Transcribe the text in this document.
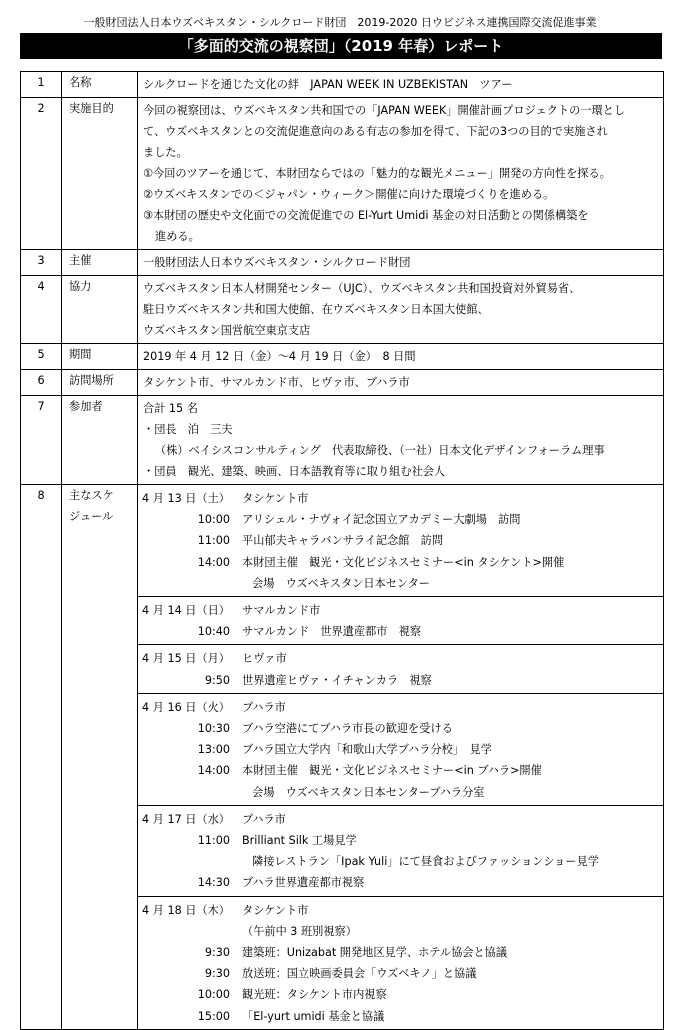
一般財団法人日本ウズベキスタン・シルクロード財団　2019-2020 日ウビジネス連携国際交流促進事業
「多面的交流の視察団」（2019 年春）レポート
1	名称	シルクロードを通じた文化の絆　JAPAN WEEK IN UZBEKISTAN　ツアー

2	実施目的	今回の視察団は、ウズベキスタン共和国での「JAPAN WEEK」開催計画プロジェクトの一環とし
て、ウズベキスタンとの交流促進意向のある有志の参加を得て、下記の3つの目的で実施され
ました。
①今回のツアーを通じて、本財団ならではの「魅力的な観光メニュー」開発の方向性を探る。
②ウズベキスタンでの＜ジャパン・ウィーク＞開催に向けた環境づくりを進める。
③本財団の歴史や文化面での交流促進での El-Yurt Umidi 基金の対日活動との関係構築を
進める。

3	主催	一般財団法人日本ウズベキスタン・シルクロード財団

4	協力	ウズベキスタン日本人材開発センター（UJC）、ウズベキスタン共和国投資対外貿易省、
駐日ウズベキスタン共和国大使館、在ウズベキスタン日本国大使館、
ウズベキスタン国営航空東京支店

5	期間	2019 年 4 月 12 日（金）～4 月 19 日（金）　8 日間

6	訪問場所	タシケント市、サマルカンド市、ヒヴァ市、ブハラ市

7	参加者	合計 15 名
・団長　泊　三夫
（株）ベイシスコンサルティング　代表取締役、（一社）日本文化デザインフォーラム理事
・団員　観光、建築、映画、日本語教育等に取り組む社会人

8	主なスケ
ジュール

4 月 13 日（土）	タシケント市
10:00	アリシェル・ナヴォイ記念国立アカデミー大劇場　訪問
11:00	平山郁夫キャラバンサライ記念館　訪問
14:00	本財団主催　観光・文化ビジネスセミナー<in タシケント>開催
会場　ウズベキスタン日本センター

4 月 14 日（日）	サマルカンド市
10:40	サマルカンド　世界遺産都市　視察

4 月 15 日（月）	ヒヴァ市
9:50	世界遺産ヒヴァ・イチャンカラ　視察

4 月 16 日（火）	ブハラ市
10:30	ブハラ空港にてブハラ市長の歓迎を受ける
13:00	ブハラ国立大学内「和歌山大学ブハラ分校」　見学
14:00	本財団主催　観光・文化ビジネスセミナー<in ブハラ>開催
会場　ウズベキスタン日本センターブハラ分室

4 月 17 日（水）	ブハラ市
11:00	Brilliant Silk 工場見学
隣接レストラン「Ipak Yuli」にて昼食およびファッションショー見学
14:30	ブハラ世界遺産都市視察

4 月 18 日（木）	タシケント市
（午前中 3 班別視察）
9:30	建築班：Unizabat 開発地区見学、ホテル協会と協議
9:30	放送班：国立映画委員会「ウズベキノ」と協議
10:00	観光班：タシケント市内視察
15:00	「El-yurt umidi 基金と協議
